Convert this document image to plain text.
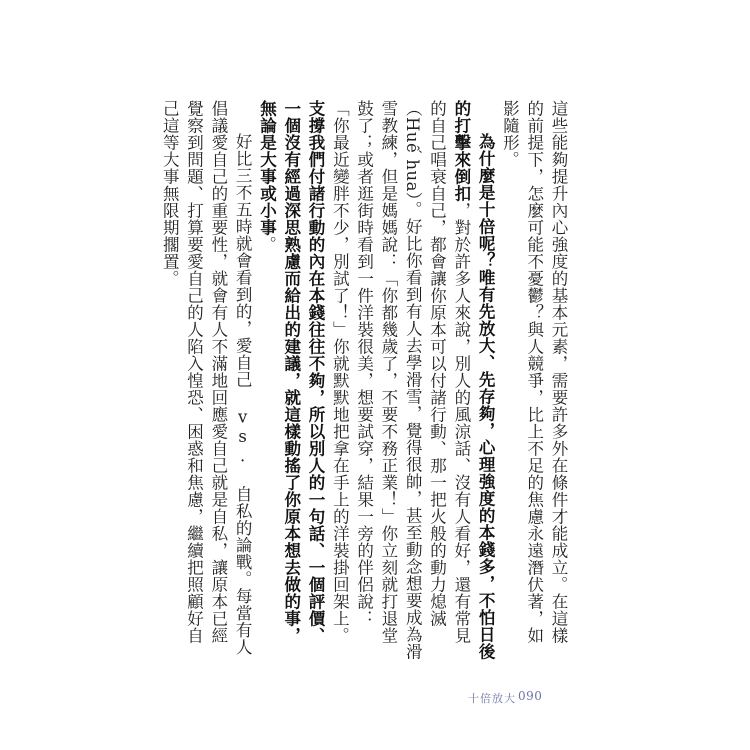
這些能夠提升內心強度的基本元素，需要許多外在條件才能成立。在這樣的前提下，怎麼可能不憂鬱？與人競爭，比上不足的焦慮永遠潛伏著，如影隨形。

為什麼是十倍呢？唯有先放大、先存夠，心理強度的本錢多，不怕日後的打擊來倒扣，對於許多人來說，別人的風涼話、沒有人看好，還有常見的自己唱衰自己，都會讓你原本可以付諸行動、那一把火般的動力熄滅（Huế hua）。好比你看到有人去學滑雪，覺得很帥，甚至動念想要成為滑雪教練，但是媽媽說：「你都幾歲了，不要不務正業！」你立刻就打退堂鼓了；或者逛街時看到一件洋裝很美，想要試穿，結果一旁的伴侶說：「你最近變胖不少，別試了！」你就默默地把拿在手上的洋裝掛回架上。支撐我們付諸行動的內在本錢往往不夠，所以別人的一句話、一個評價、一個沒有經過深思熟慮而給出的建議，就這樣動搖了你原本想去做的事，無論是大事或小事。

好比三不五時就會看到的，愛自己 vs. 自私的論戰。每當有人倡議愛自己的重要性，就會有人不滿地回應愛自己就是自私，讓原本已經覺察到問題、打算要愛自己的人陷入惶恐、困惑和焦慮，繼續把照顧好自己這等大事無限期擱置。

十倍放大 090
